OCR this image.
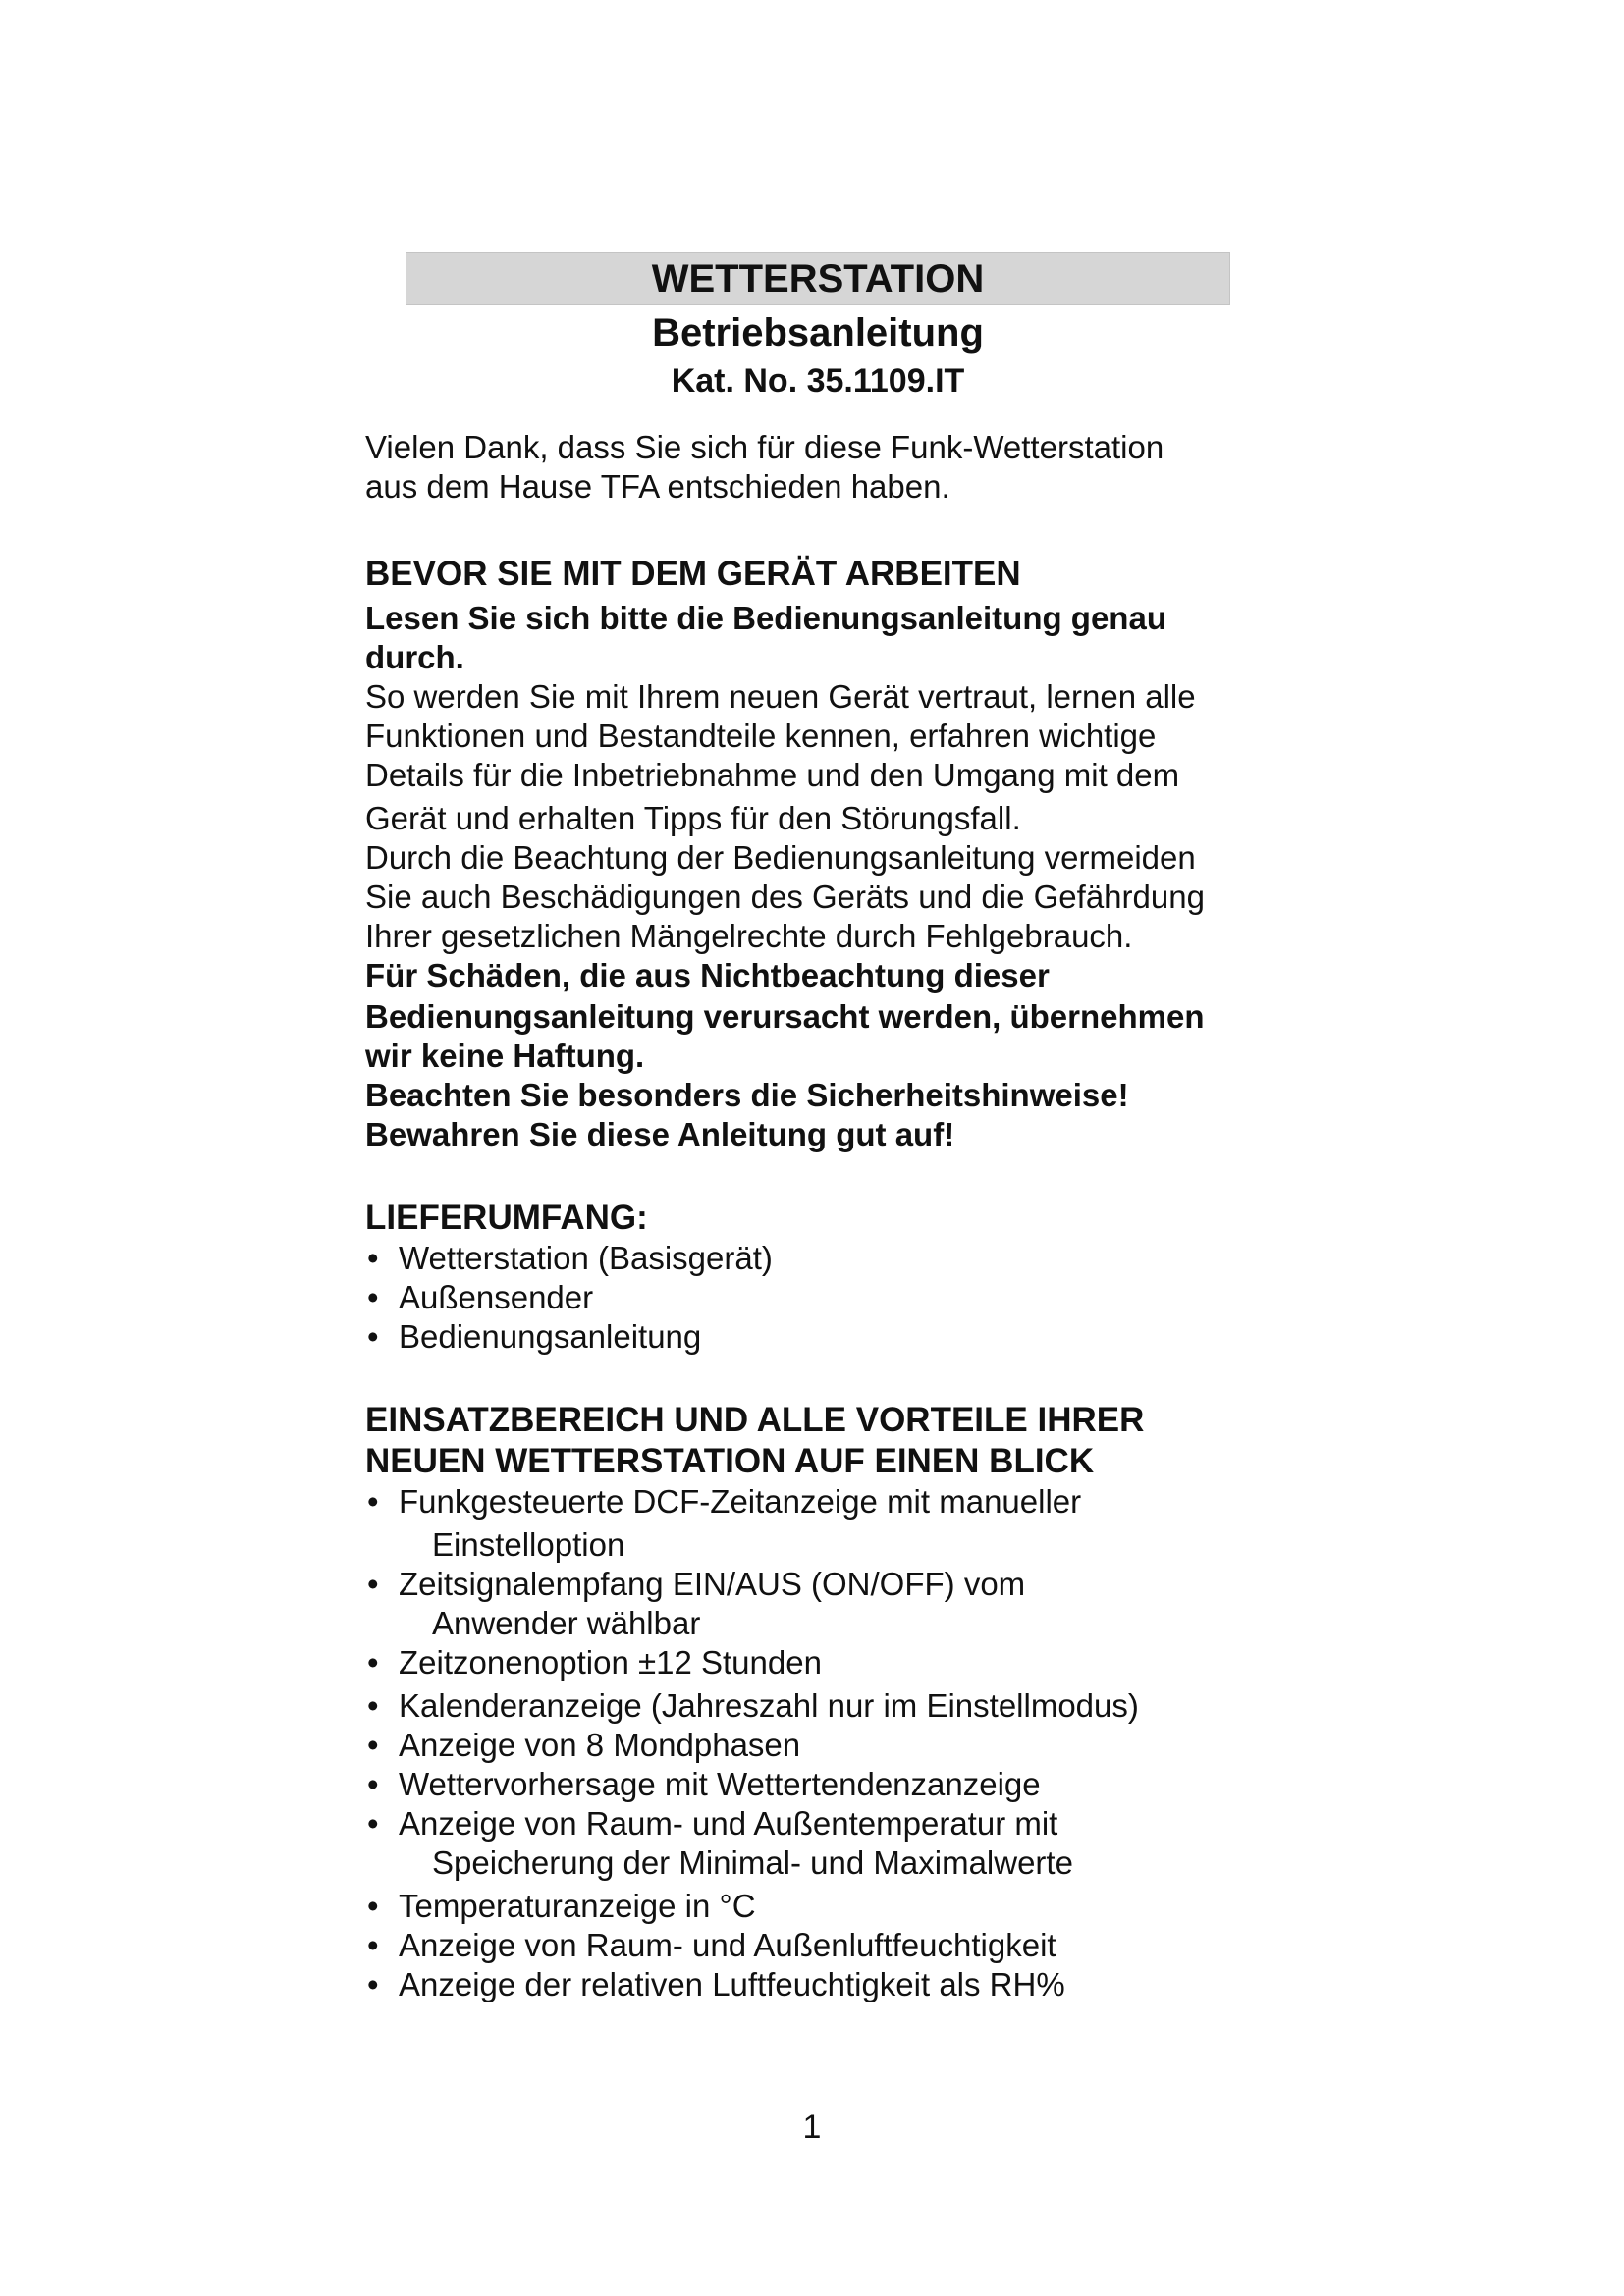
WETTERSTATION
Betriebsanleitung
Kat. No. 35.1109.IT

Vielen Dank, dass Sie sich für diese Funk-Wetterstation

aus dem Hause TFA entschieden haben.

BEVOR SIE MIT DEM GERÄT ARBEITEN

Lesen Sie sich bitte die Bedienungsanleitung genau

durch.

So werden Sie mit Ihrem neuen Gerät vertraut, lernen alle

Funktionen und Bestandteile kennen, erfahren wichtige

Details für die Inbetriebnahme und den Umgang mit dem

Gerät und erhalten Tipps für den Störungsfall.

Durch die Beachtung der Bedienungsanleitung vermeiden

Sie auch Beschädigungen des Geräts und die Gefährdung

Ihrer gesetzlichen Mängelrechte durch Fehlgebrauch.

Für Schäden, die aus Nichtbeachtung dieser

Bedienungsanleitung verursacht werden, übernehmen

wir keine Haftung.

Beachten Sie besonders die Sicherheitshinweise!

Bewahren Sie diese Anleitung gut auf!

LIEFERUMFANG:

• Wetterstation (Basisgerät)
• Außensender
• Bedienungsanleitung

EINSATZBEREICH UND ALLE VORTEILE IHRER

NEUEN WETTERSTATION AUF EINEN BLICK

• Funkgesteuerte DCF-Zeitanzeige mit manueller
Einstelloption
• Zeitsignalempfang EIN/AUS (ON/OFF) vom
Anwender wählbar
• Zeitzonenoption ±12 Stunden
• Kalenderanzeige (Jahreszahl nur im Einstellmodus)
• Anzeige von 8 Mondphasen
• Wettervorhersage mit Wettertendenzanzeige
• Anzeige von Raum- und Außentemperatur mit
Speicherung der Minimal- und Maximalwerte
• Temperaturanzeige in °C
• Anzeige von Raum- und Außenluftfeuchtigkeit
• Anzeige der relativen Luftfeuchtigkeit als RH%
1
